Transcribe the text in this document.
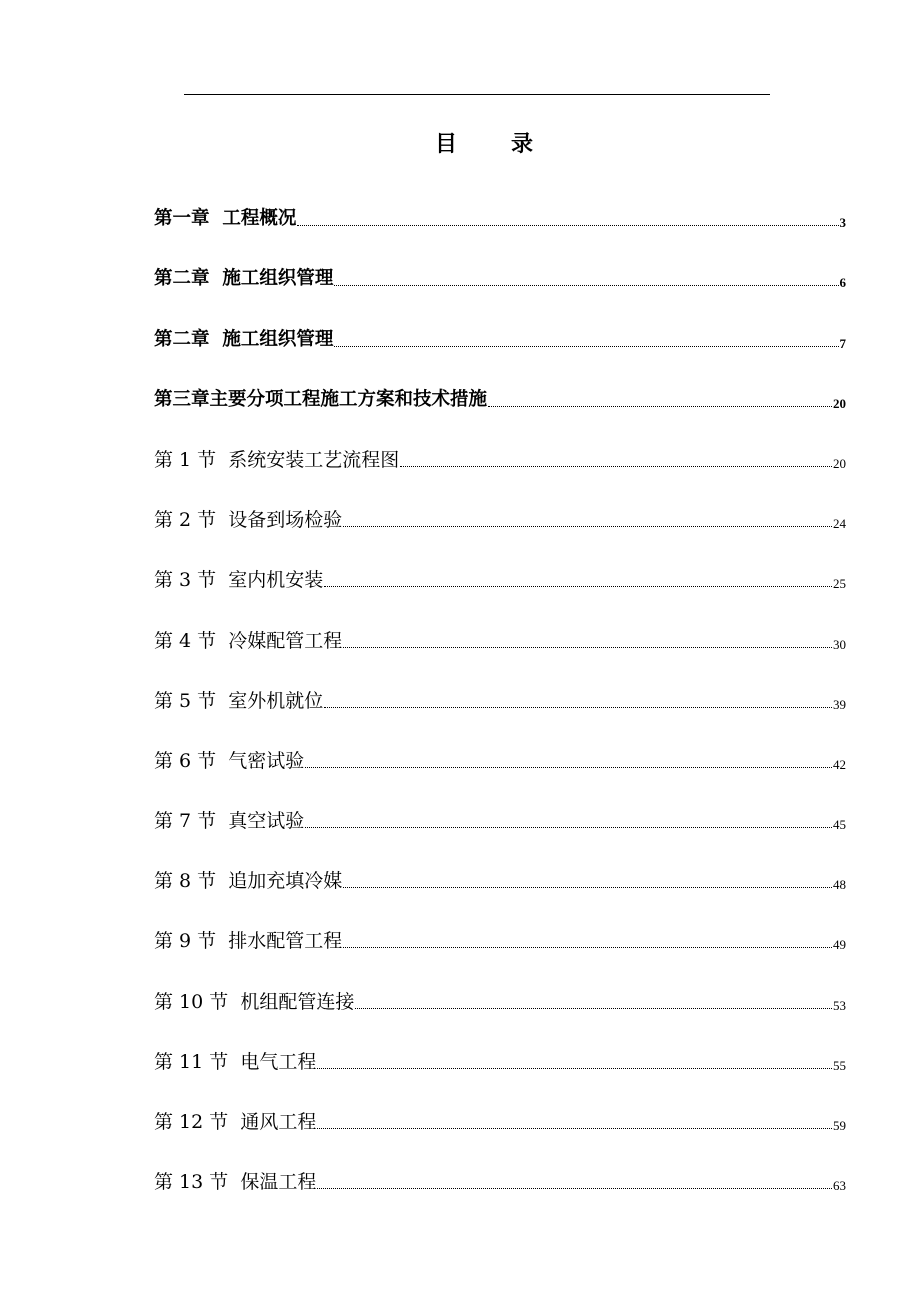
目录
第一章  工程概况	3
第二章  施工组织管理	6
第二章  施工组织管理	7
第三章主要分项工程施工方案和技术措施	20
第 1 节  系统安装工艺流程图	20
第 2 节  设备到场检验	24
第 3 节  室内机安装	25
第 4 节  冷媒配管工程	30
第 5 节  室外机就位	39
第 6 节  气密试验	42
第 7 节  真空试验	45
第 8 节  追加充填冷媒	48
第 9 节  排水配管工程	49
第 10 节  机组配管连接	53
第 11 节  电气工程	55
第 12 节  通风工程	59
第 13 节  保温工程	63
